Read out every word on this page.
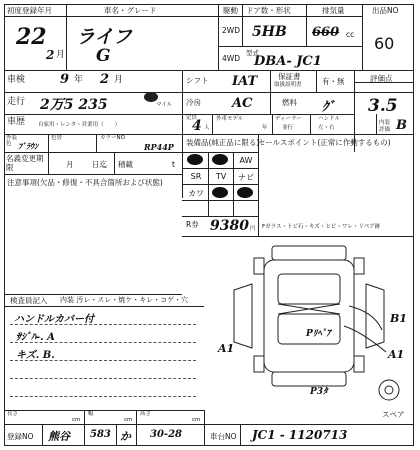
初度登録年月
22
2 月
車名・グレード
ライフ
G
駆動
2WD
4WD
ドア数・形状
5HB
排気量
660 cc
型式
DBA- JC1
出品NO
60
車検	9 年 2 月	シフト IAT	保証書
取扱説明書	有・無	評価点
3.5
走行 2万5 235	マイル 冷房 AC	燃料 ｸﾞ
車歴 自家用・レンタ・営業用（　　）
定員
4 人
外車モデル
年
ディーラー
並行
ハンドル
左・右
内装評価 B
外装色 ﾌﾞﾗｳﾝ
色替	カラーNO
RP44P 装備品(純正品に限る)
セールスポイント(正常に作動するもの)
AW
SR	TV	ナビ
カワ
名義変更期限	月 日迄 積載	t
注意事項(欠品・修復・不具合箇所および状態)
R券 9380 円 Fガラス・トビ石・キズ・ヒビ・ワレ・リペア跡
検査員記入 内装 汚レ・スレ・焼ケ・キレ・コゲ・穴
ハンドルカバー付
ｻｼﾞﾊ-. A
キズ. B.
A1	A1
B1
Pﾘﾍﾟｱ
P3ﾀ
スペア
長さ
cm
幅
cm
高さ
cm
登録NO 熊谷 583 か 30-28	車台NO JC1 - 1120713
